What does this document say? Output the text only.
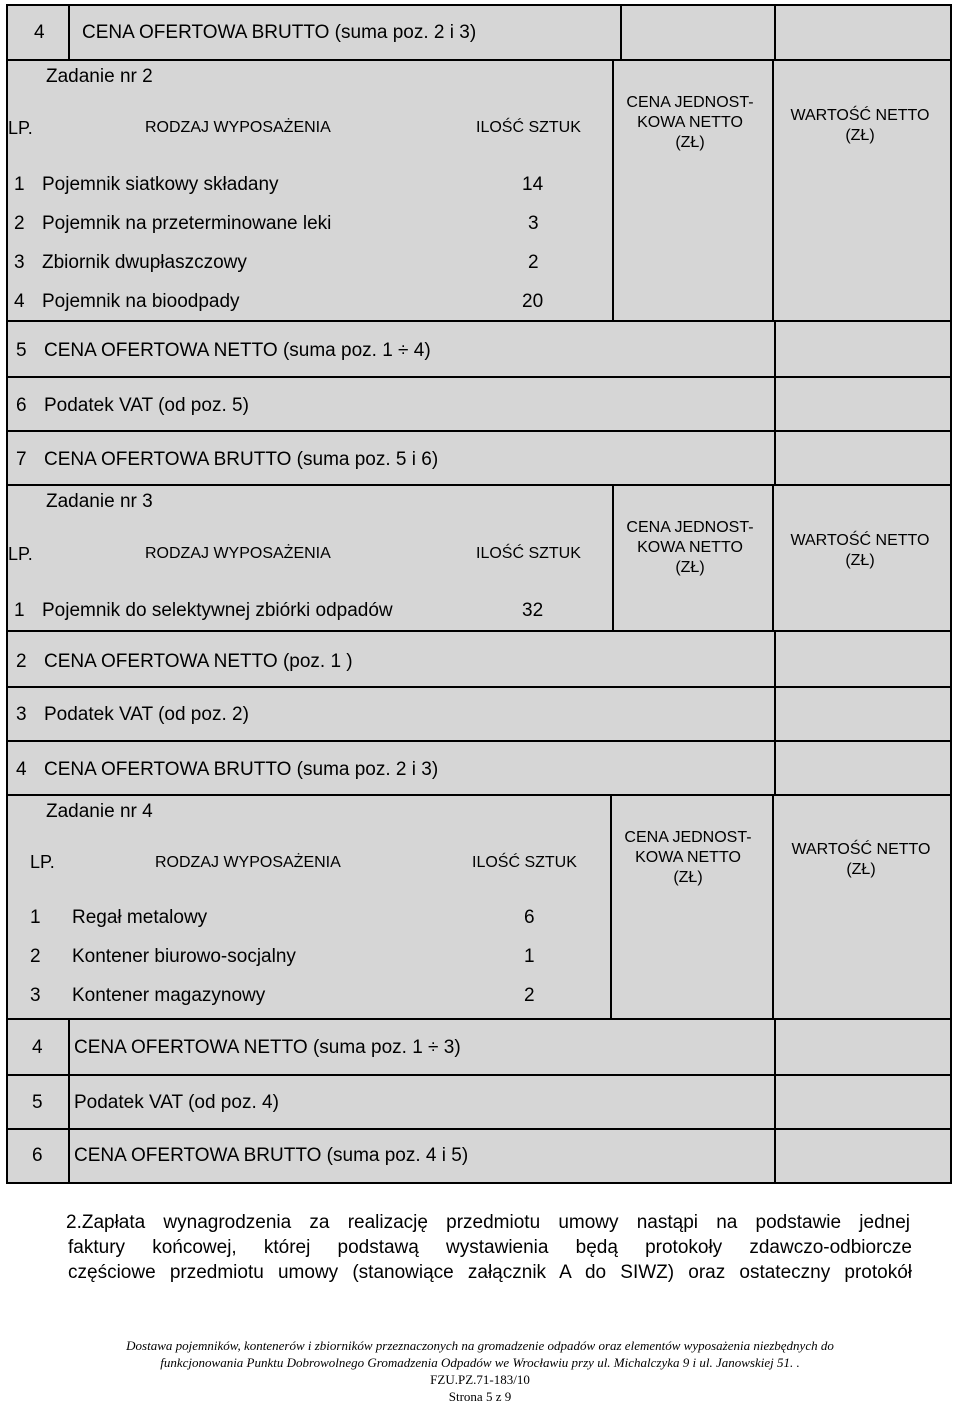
4 CENA OFERTOWA BRUTTO (suma poz. 2 i 3)
Zadanie nr 2
LP.	RODZAJ WYPOSAŻENIA	ILOŚĆ SZTUK
CENA JEDNOST-
KOWA NETTO
(ZŁ)
WARTOŚĆ NETTO
(ZŁ)
1 Pojemnik siatkowy składany	14
2 Pojemnik na przeterminowane leki	3
3 Zbiornik dwupłaszczowy	2
4 Pojemnik na bioodpady	20
5 CENA OFERTOWA NETTO (suma poz. 1 ÷ 4)
6 Podatek VAT (od poz. 5)
7 CENA OFERTOWA BRUTTO (suma poz. 5 i 6)
Zadanie nr 3
LP.	RODZAJ WYPOSAŻENIA	ILOŚĆ SZTUK
CENA JEDNOST-
KOWA NETTO
(ZŁ)
WARTOŚĆ NETTO
(ZŁ)
1 Pojemnik do selektywnej zbiórki odpadów	32
2 CENA OFERTOWA NETTO (poz. 1 )
3 Podatek VAT (od poz. 2)
4 CENA OFERTOWA BRUTTO (suma poz. 2 i 3)
Zadanie nr 4
LP.	RODZAJ WYPOSAŻENIA	ILOŚĆ SZTUK
CENA JEDNOST-
KOWA NETTO
(ZŁ)
WARTOŚĆ NETTO
(ZŁ)
1 Regał metalowy	6
2 Kontener biurowo-socjalny	1
3 Kontener magazynowy	2
4 CENA OFERTOWA NETTO (suma poz. 1 ÷ 3)
5 Podatek VAT (od poz. 4)
6 CENA OFERTOWA BRUTTO (suma poz. 4 i 5)
2.Zapłata wynagrodzenia za realizację przedmiotu umowy nastąpi na podstawie jednej
faktury końcowej, której podstawą wystawienia będą protokoły zdawczo-odbiorcze
częściowe przedmiotu umowy (stanowiące załącznik A do SIWZ) oraz ostateczny protokół
Dostawa pojemników, kontenerów i zbiorników przeznaczonych na gromadzenie odpadów oraz elementów wyposażenia niezbędnych do
funkcjonowania Punktu Dobrowolnego Gromadzenia Odpadów we Wrocławiu przy ul. Michalczyka 9 i ul. Janowskiej 51. .
FZU.PZ.71-183/10
Strona 5 z 9
